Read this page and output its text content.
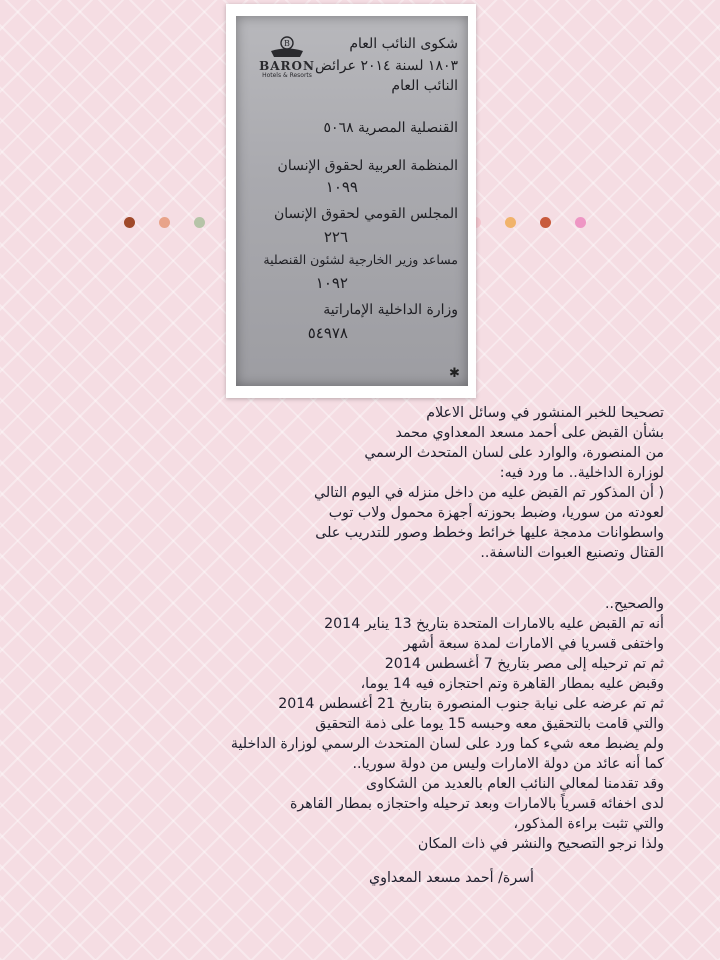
B
BARON
Hotels & Resorts
شكوى النائب العام
١٨٠٣ لسنة ٢٠١٤ عرائض
النائب العام
القنصلية المصرية ٥٠٦٨
المنظمة العربية لحقوق الإنسان
١٠٩٩
المجلس القومي لحقوق الإنسان
٢٢٦
مساعد وزير الخارجية لشئون القنصلية
١٠٩٢
وزارة الداخلية الإماراتية
٥٤٩٧٨
✱
تصحيحا للخبر المنشور في وسائل الاعلام
بشأن القبض على أحمد مسعد المعداوي محمد
من المنصورة، والوارد على لسان المتحدث الرسمي
لوزارة الداخلية.. ما ورد فيه:
( أن المذكور تم القبض عليه من داخل منزله في اليوم التالي
لعودته من سوريا، وضبط بحوزته أجهزة محمول ولاب توب
واسطوانات مدمجة عليها خرائط وخطط وصور للتدريب على
القتال وتصنيع العبوات الناسفة..
والصحيح..
أنه تم القبض عليه بالامارات المتحدة بتاريخ 13 يناير 2014
واختفى قسريا في الامارات لمدة سبعة أشهر
ثم تم ترحيله إلى مصر بتاريخ 7 أغسطس 2014
وقبض عليه بمطار القاهرة وتم احتجازه فيه 14 يوما،
ثم تم عرضه على نيابة جنوب المنصورة بتاريخ 21 أغسطس 2014
والتي قامت بالتحقيق معه وحبسه 15 يوما على ذمة التحقيق
ولم يضبط معه شيء كما ورد على لسان المتحدث الرسمي لوزارة الداخلية
كما أنه عائد من دولة الامارات وليس من دولة سوريا..
وقد تقدمنا لمعالي النائب العام بالعديد من الشكاوى
لدى اخفائه قسرياً بالامارات وبعد ترحيله واحتجازه بمطار القاهرة
والتي تثبت براءة المذكور،
ولذا نرجو التصحيح والنشر في ذات المكان
أسرة/ أحمد مسعد المعداوي
